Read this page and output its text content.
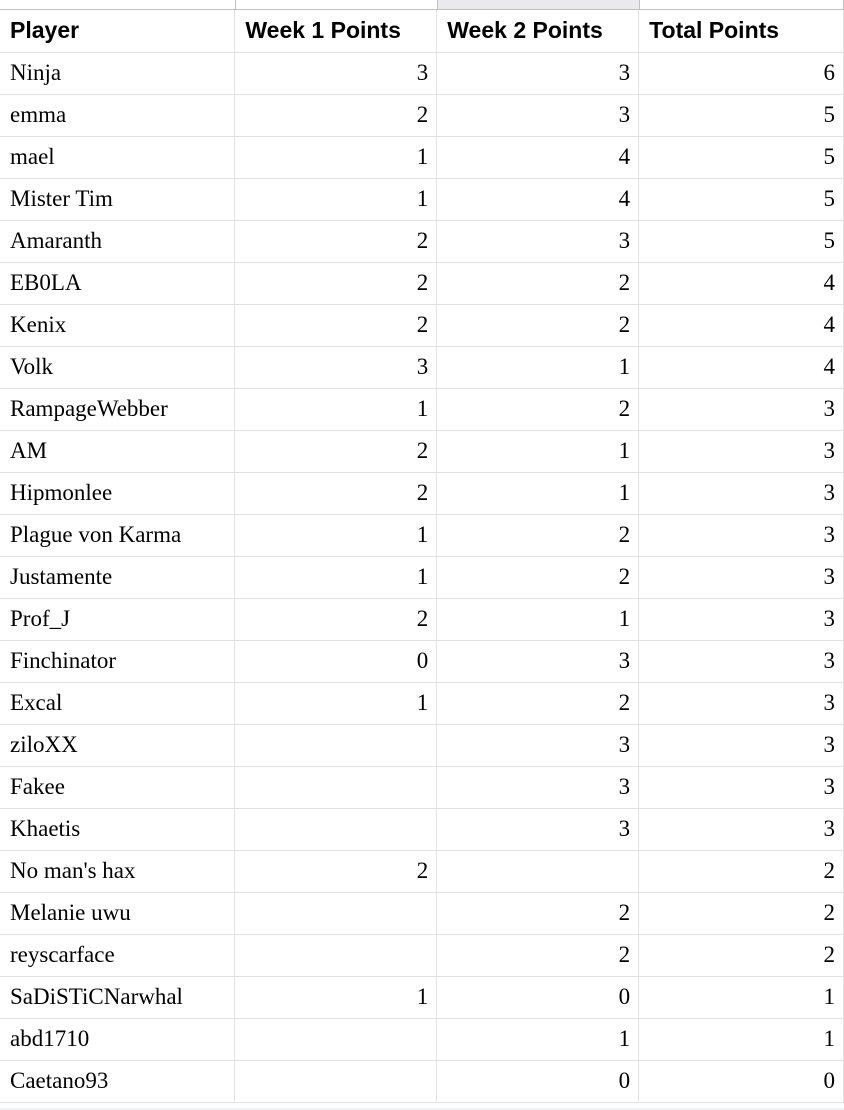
Player	Week 1 Points	Week 2 Points	Total Points
Ninja	3	3	6
emma	2	3	5
mael	1	4	5
Mister Tim	1	4	5
Amaranth	2	3	5
EB0LA	2	2	4
Kenix	2	2	4
Volk	3	1	4
RampageWebber	1	2	3
AM	2	1	3
Hipmonlee	2	1	3
Plague von Karma	1	2	3
Justamente	1	2	3
Prof_J	2	1	3
Finchinator	0	3	3
Excal	1	2	3
ziloXX		3	3
Fakee		3	3
Khaetis		3	3
No man's hax	2		2
Melanie uwu		2	2
reyscarface		2	2
SaDiSTiCNarwhal	1	0	1
abd1710		1	1
Caetano93		0	0
